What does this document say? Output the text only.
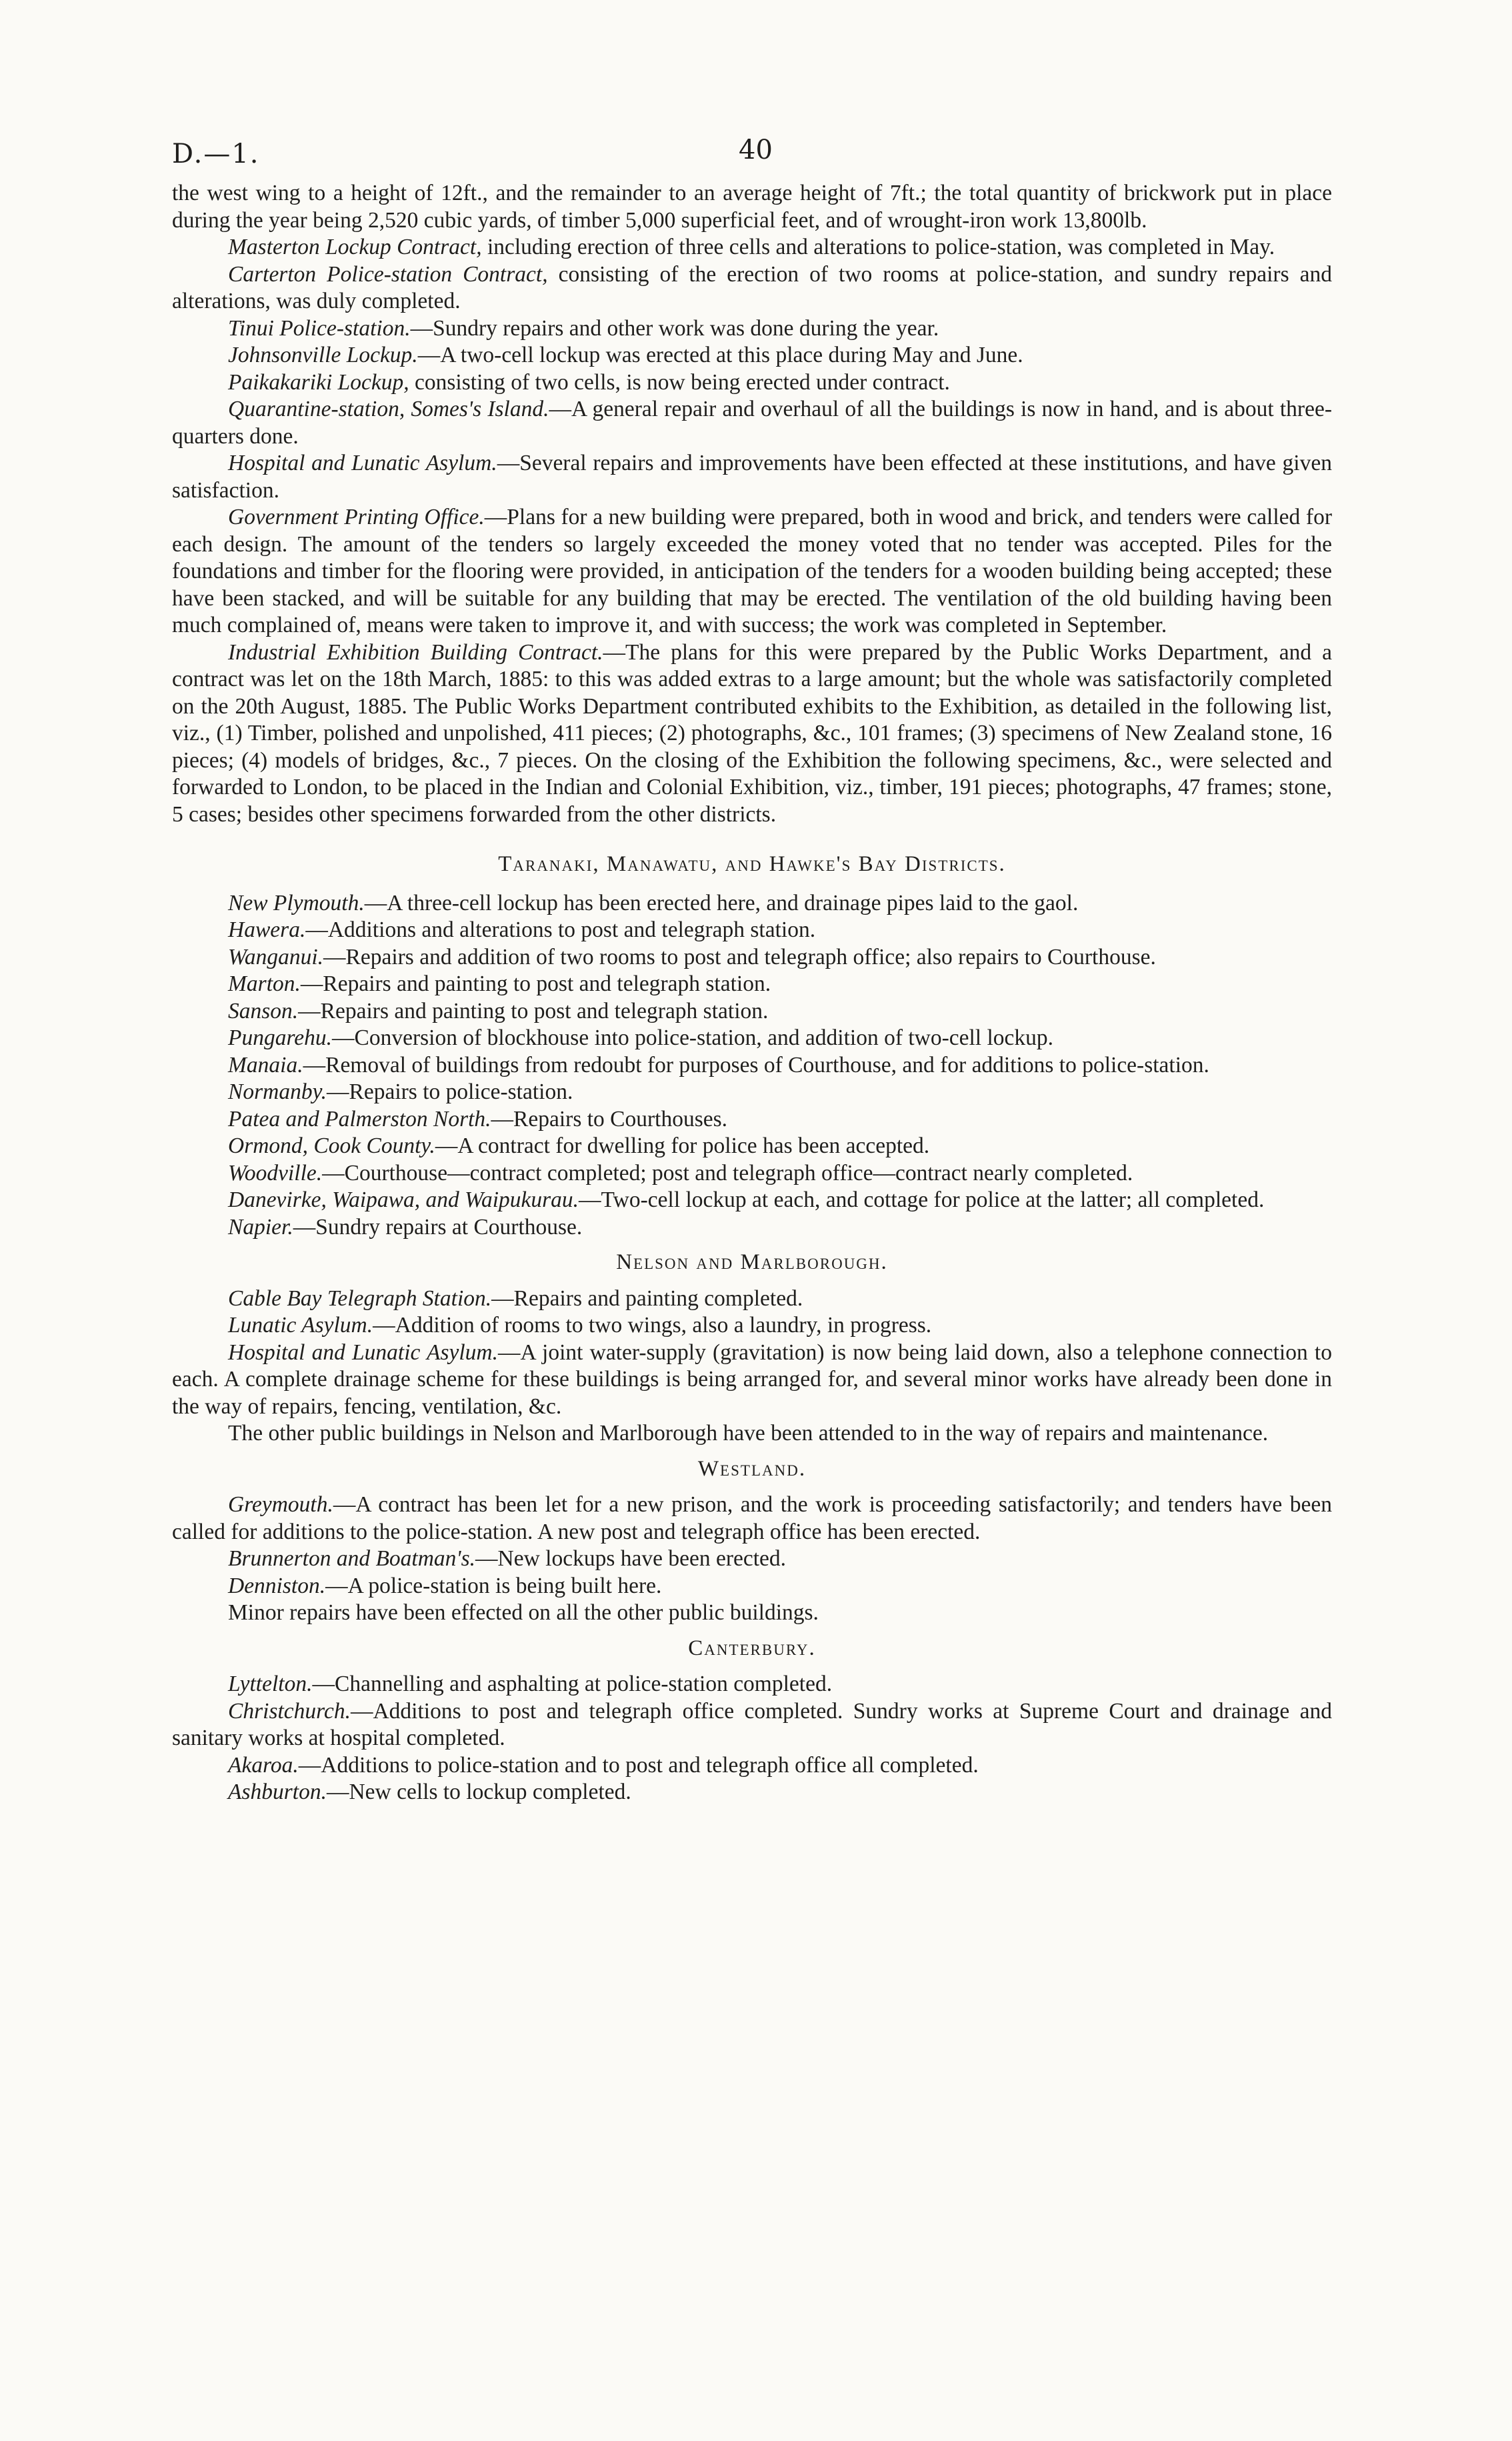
D.—1.	40

the west wing to a height of 12ft., and the remainder to an average height of 7ft.; the total quantity of brickwork put in place during the year being 2,520 cubic yards, of timber 5,000 superficial feet, and of wrought-iron work 13,800lb.

Masterton Lockup Contract, including erection of three cells and alterations to police-station, was completed in May.

Carterton Police-station Contract, consisting of the erection of two rooms at police-station, and sundry repairs and alterations, was duly completed.

Tinui Police-station.—Sundry repairs and other work was done during the year.

Johnsonville Lockup.—A two-cell lockup was erected at this place during May and June.

Paikakariki Lockup, consisting of two cells, is now being erected under contract.

Quarantine-station, Somes's Island.—A general repair and overhaul of all the buildings is now in hand, and is about three-quarters done.

Hospital and Lunatic Asylum.—Several repairs and improvements have been effected at these institutions, and have given satisfaction.

Government Printing Office.—Plans for a new building were prepared, both in wood and brick, and tenders were called for each design. The amount of the tenders so largely exceeded the money voted that no tender was accepted. Piles for the foundations and timber for the flooring were provided, in anticipation of the tenders for a wooden building being accepted; these have been stacked, and will be suitable for any building that may be erected. The ventilation of the old building having been much complained of, means were taken to improve it, and with success; the work was completed in September.

Industrial Exhibition Building Contract.—The plans for this were prepared by the Public Works Department, and a contract was let on the 18th March, 1885: to this was added extras to a large amount; but the whole was satisfactorily completed on the 20th August, 1885. The Public Works Department contributed exhibits to the Exhibition, as detailed in the following list, viz., (1) Timber, polished and unpolished, 411 pieces; (2) photographs, &c., 101 frames; (3) specimens of New Zealand stone, 16 pieces; (4) models of bridges, &c., 7 pieces. On the closing of the Exhibition the following specimens, &c., were selected and forwarded to London, to be placed in the Indian and Colonial Exhibition, viz., timber, 191 pieces; photographs, 47 frames; stone, 5 cases; besides other specimens forwarded from the other districts.

Taranaki, Manawatu, and Hawke's Bay Districts.

New Plymouth.—A three-cell lockup has been erected here, and drainage pipes laid to the gaol.

Hawera.—Additions and alterations to post and telegraph station.

Wanganui.—Repairs and addition of two rooms to post and telegraph office; also repairs to Courthouse.

Marton.—Repairs and painting to post and telegraph station.

Sanson.—Repairs and painting to post and telegraph station.

Pungarehu.—Conversion of blockhouse into police-station, and addition of two-cell lockup.

Manaia.—Removal of buildings from redoubt for purposes of Courthouse, and for additions to police-station.

Normanby.—Repairs to police-station.

Patea and Palmerston North.—Repairs to Courthouses.

Ormond, Cook County.—A contract for dwelling for police has been accepted.

Woodville.—Courthouse—contract completed; post and telegraph office—contract nearly completed.

Danevirke, Waipawa, and Waipukurau.—Two-cell lockup at each, and cottage for police at the latter; all completed.

Napier.—Sundry repairs at Courthouse.

Nelson and Marlborough.

Cable Bay Telegraph Station.—Repairs and painting completed.

Lunatic Asylum.—Addition of rooms to two wings, also a laundry, in progress.

Hospital and Lunatic Asylum.—A joint water-supply (gravitation) is now being laid down, also a telephone connection to each. A complete drainage scheme for these buildings is being arranged for, and several minor works have already been done in the way of repairs, fencing, ventilation, &c.

The other public buildings in Nelson and Marlborough have been attended to in the way of repairs and maintenance.

Westland.

Greymouth.—A contract has been let for a new prison, and the work is proceeding satisfactorily; and tenders have been called for additions to the police-station. A new post and telegraph office has been erected.

Brunnerton and Boatman's.—New lockups have been erected.

Denniston.—A police-station is being built here.

Minor repairs have been effected on all the other public buildings.

Canterbury.

Lyttelton.—Channelling and asphalting at police-station completed.

Christchurch.—Additions to post and telegraph office completed. Sundry works at Supreme Court and drainage and sanitary works at hospital completed.

Akaroa.—Additions to police-station and to post and telegraph office all completed.

Ashburton.—New cells to lockup completed.
